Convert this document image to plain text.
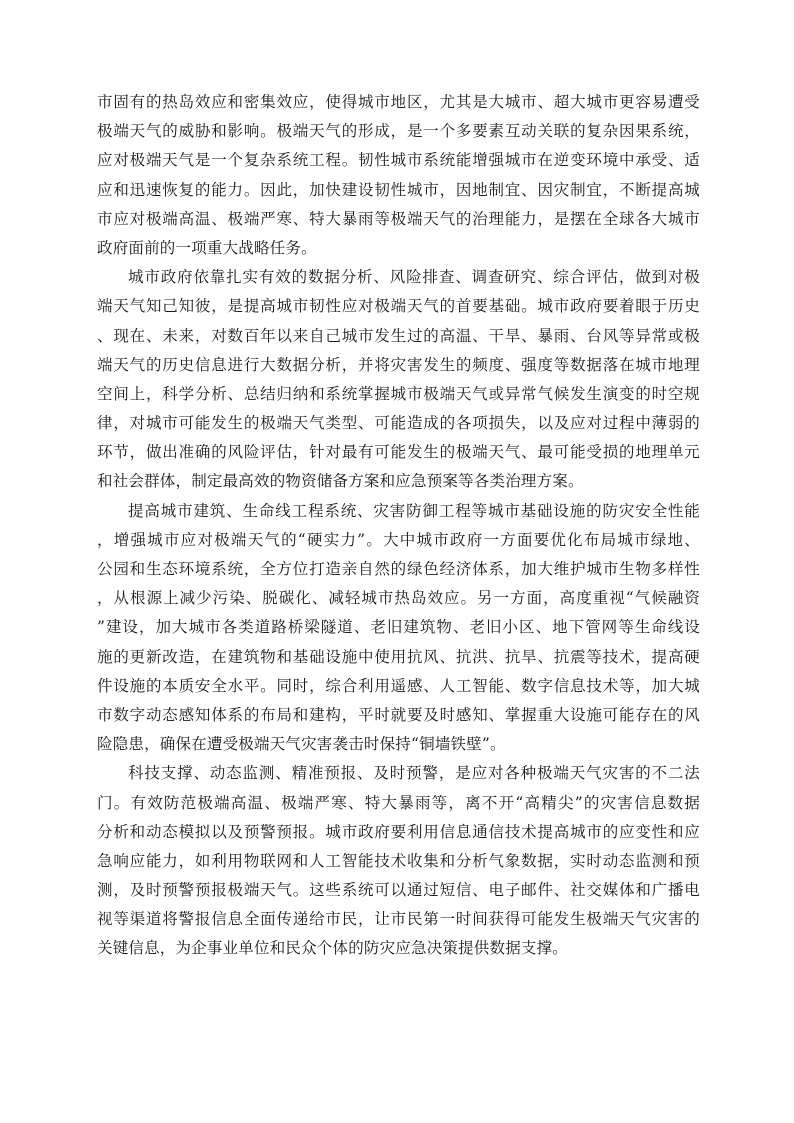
市固有的热岛效应和密集效应，使得城市地区，尤其是大城市、超大城市更容易遭受
极端天气的威胁和影响。极端天气的形成，是一个多要素互动关联的复杂因果系统，
应对极端天气是一个复杂系统工程。韧性城市系统能增强城市在逆变环境中承受、适
应和迅速恢复的能力。因此，加快建设韧性城市，因地制宜、因灾制宜，不断提高城
市应对极端高温、极端严寒、特大暴雨等极端天气的治理能力，是摆在全球各大城市
政府面前的一项重大战略任务。
城市政府依靠扎实有效的数据分析、风险排查、调查研究、综合评估，做到对极
端天气知己知彼，是提高城市韧性应对极端天气的首要基础。城市政府要着眼于历史
、现在、未来，对数百年以来自己城市发生过的高温、干旱、暴雨、台风等异常或极
端天气的历史信息进行大数据分析，并将灾害发生的频度、强度等数据落在城市地理
空间上，科学分析、总结归纳和系统掌握城市极端天气或异常气候发生演变的时空规
律，对城市可能发生的极端天气类型、可能造成的各项损失，以及应对过程中薄弱的
环节，做出准确的风险评估，针对最有可能发生的极端天气、最可能受损的地理单元
和社会群体，制定最高效的物资储备方案和应急预案等各类治理方案。
提高城市建筑、生命线工程系统、灾害防御工程等城市基础设施的防灾安全性能
，增强城市应对极端天气的“硬实力”。大中城市政府一方面要优化布局城市绿地、
公园和生态环境系统，全方位打造亲自然的绿色经济体系，加大维护城市生物多样性
，从根源上减少污染、脱碳化、减轻城市热岛效应。另一方面，高度重视“气候融资
”建设，加大城市各类道路桥梁隧道、老旧建筑物、老旧小区、地下管网等生命线设
施的更新改造，在建筑物和基础设施中使用抗风、抗洪、抗旱、抗震等技术，提高硬
件设施的本质安全水平。同时，综合利用遥感、人工智能、数字信息技术等，加大城
市数字动态感知体系的布局和建构，平时就要及时感知、掌握重大设施可能存在的风
险隐患，确保在遭受极端天气灾害袭击时保持“铜墙铁壁”。
科技支撑、动态监测、精准预报、及时预警，是应对各种极端天气灾害的不二法
门。有效防范极端高温、极端严寒、特大暴雨等，离不开“高精尖”的灾害信息数据
分析和动态模拟以及预警预报。城市政府要利用信息通信技术提高城市的应变性和应
急响应能力，如利用物联网和人工智能技术收集和分析气象数据，实时动态监测和预
测，及时预警预报极端天气。这些系统可以通过短信、电子邮件、社交媒体和广播电
视等渠道将警报信息全面传递给市民，让市民第一时间获得可能发生极端天气灾害的
关键信息，为企事业单位和民众个体的防灾应急决策提供数据支撑。
